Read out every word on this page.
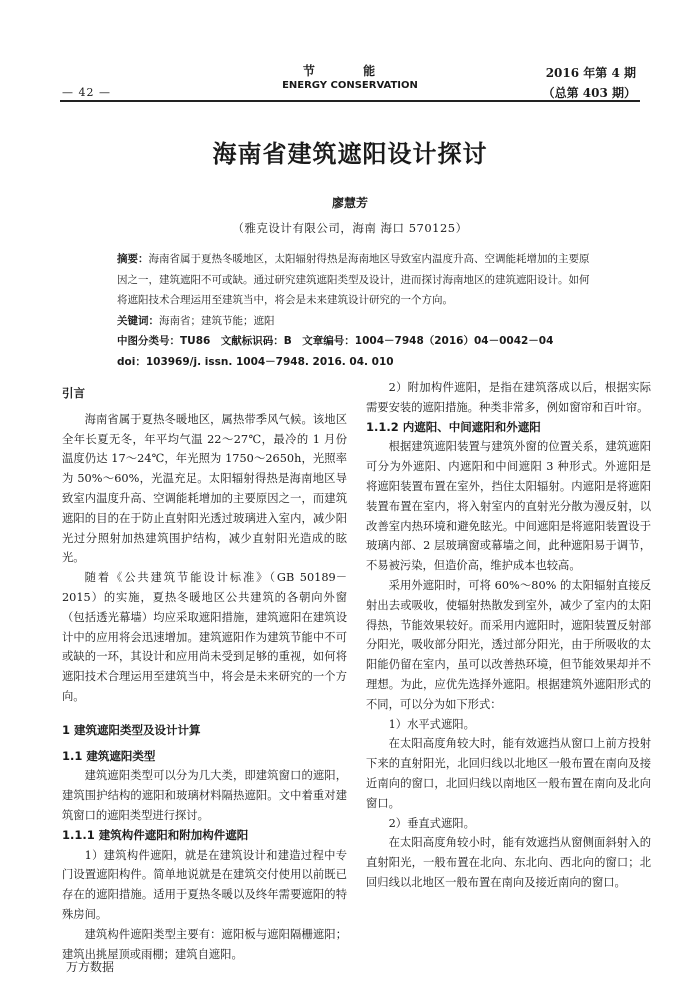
— 42 —
节 能
ENERGY CONSERVATION
2016 年第 4 期
（总第 403 期）
海南省建筑遮阳设计探讨
廖慧芳
（雅克设计有限公司，海南 海口 570125）

摘要：海南省属于夏热冬暖地区，太阳辐射得热是海南地区导致室内温度升高、空调能耗增加的主要原因之一，建筑遮阳不可或缺。通过研究建筑遮阳类型及设计，进而探讨海南地区的建筑遮阳设计。如何将遮阳技术合理运用至建筑当中，将会是未来建筑设计研究的一个方向。

关键词：海南省；建筑节能；遮阳

中图分类号：TU86　文献标识码：B　文章编号：1004－7948（2016）04－0042－04

doi：103969/j. issn. 1004－7948. 2016. 04. 010

引言

海南省属于夏热冬暖地区，属热带季风气候。该地区全年长夏无冬，年平均气温 22～27℃，最冷的 1 月份温度仍达 17～24℃，年光照为 1750～2650h，光照率为 50%～60%，光温充足。太阳辐射得热是海南地区导致室内温度升高、空调能耗增加的主要原因之一，而建筑遮阳的目的在于防止直射阳光透过玻璃进入室内，减少阳光过分照射加热建筑围护结构，减少直射阳光造成的眩光。

随着《公共建筑节能设计标准》（GB 50189－2015）的实施，夏热冬暖地区公共建筑的各朝向外窗（包括透光幕墙）均应采取遮阳措施，建筑遮阳在建筑设计中的应用将会迅速增加。建筑遮阳作为建筑节能中不可或缺的一环，其设计和应用尚未受到足够的重视，如何将遮阳技术合理运用至建筑当中，将会是未来研究的一个方向。

1 建筑遮阳类型及设计计算
1.1 建筑遮阳类型

建筑遮阳类型可以分为几大类，即建筑窗口的遮阳，建筑围护结构的遮阳和玻璃材料隔热遮阳。文中着重对建筑窗口的遮阳类型进行探讨。

1.1.1 建筑构件遮阳和附加构件遮阳

1）建筑构件遮阳，就是在建筑设计和建造过程中专门设置遮阳构件。简单地说就是在建筑交付使用以前既已存在的遮阳措施。适用于夏热冬暖以及终年需要遮阳的特殊房间。

建筑构件遮阳类型主要有：遮阳板与遮阳隔栅遮阳；建筑出挑屋顶或雨棚；建筑自遮阳。

2）附加构件遮阳，是指在建筑落成以后，根据实际需要安装的遮阳措施。种类非常多，例如窗帘和百叶帘。

1.1.2 内遮阳、中间遮阳和外遮阳

根据建筑遮阳装置与建筑外窗的位置关系，建筑遮阳可分为外遮阳、内遮阳和中间遮阳 3 种形式。外遮阳是将遮阳装置布置在室外，挡住太阳辐射。内遮阳是将遮阳装置布置在室内，将入射室内的直射光分散为漫反射，以改善室内热环境和避免眩光。中间遮阳是将遮阳装置设于玻璃内部、2 层玻璃窗或幕墙之间，此种遮阳易于调节，不易被污染，但造价高，维护成本也较高。

采用外遮阳时，可将 60%～80% 的太阳辐射直接反射出去或吸收，使辐射热散发到室外，减少了室内的太阳得热，节能效果较好。而采用内遮阳时，遮阳装置反射部分阳光，吸收部分阳光，透过部分阳光，由于所吸收的太阳能仍留在室内，虽可以改善热环境，但节能效果却并不理想。为此，应优先选择外遮阳。根据建筑外遮阳形式的不同，可以分为如下形式：

1）水平式遮阳。

在太阳高度角较大时，能有效遮挡从窗口上前方投射下来的直射阳光，北回归线以北地区一般布置在南向及接近南向的窗口，北回归线以南地区一般布置在南向及北向窗口。

2）垂直式遮阳。

在太阳高度角较小时，能有效遮挡从窗侧面斜射入的直射阳光，一般布置在北向、东北向、西北向的窗口；北回归线以北地区一般布置在南向及接近南向的窗口。

万方数据
